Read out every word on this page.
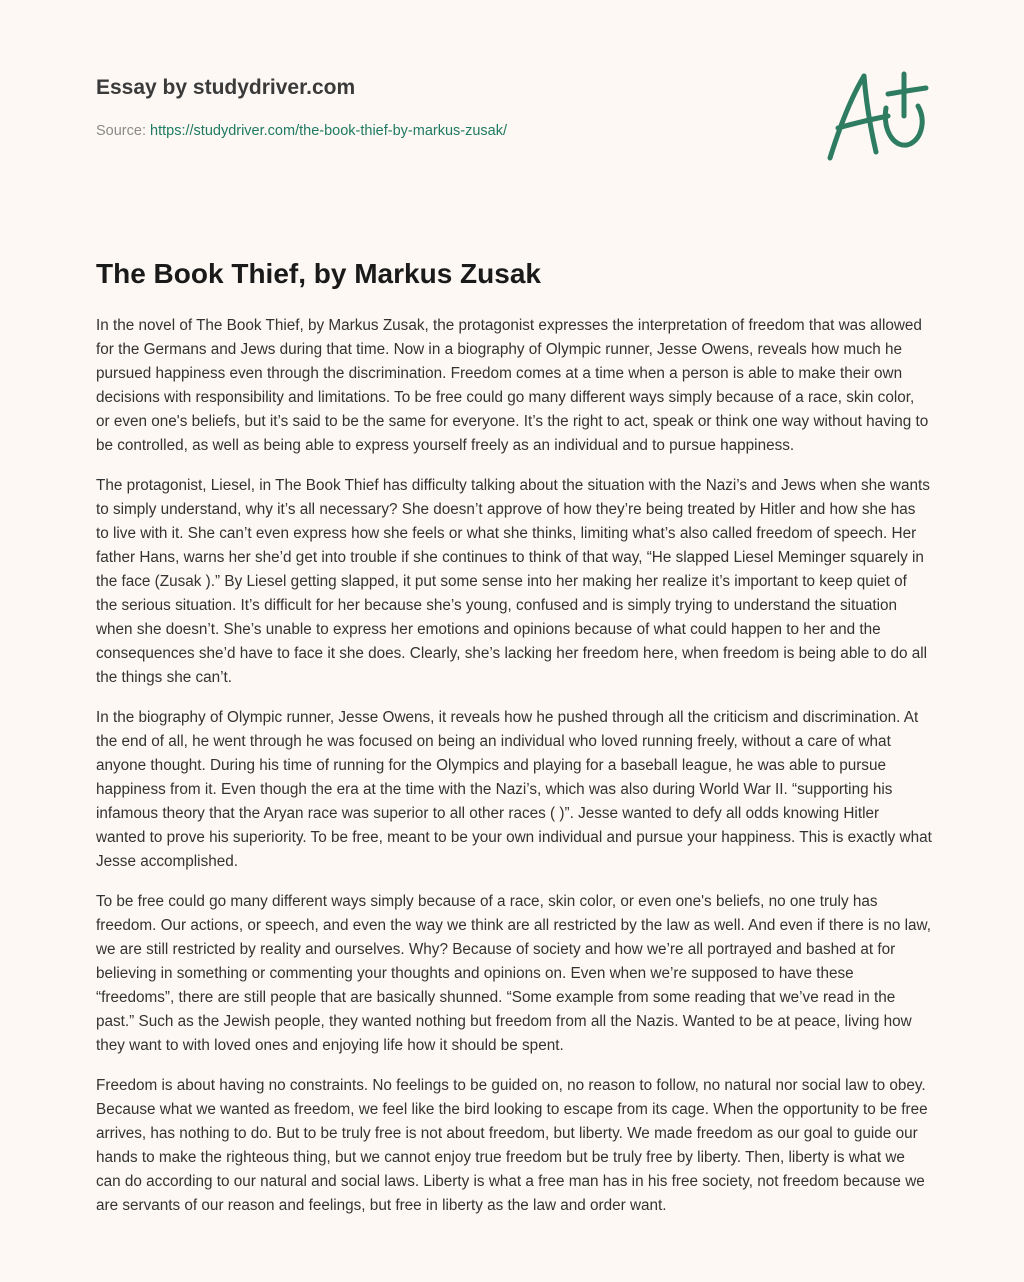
Essay by studydriver.com
Source: https://studydriver.com/the-book-thief-by-markus-zusak/
The Book Thief, by Markus Zusak

In the novel of The Book Thief, by Markus Zusak, the protagonist expresses the interpretation of freedom that was allowed for the Germans and Jews during that time. Now in a biography of Olympic runner, Jesse Owens, reveals how much he pursued happiness even through the discrimination. Freedom comes at a time when a person is able to make their own decisions with responsibility and limitations. To be free could go many different ways simply because of a race, skin color, or even one's beliefs, but it’s said to be the same for everyone. It’s the right to act, speak or think one way without having to be controlled, as well as being able to express yourself freely as an individual and to pursue happiness.

The protagonist, Liesel, in The Book Thief has difficulty talking about the situation with the Nazi’s and Jews when she wants to simply understand, why it’s all necessary? She doesn’t approve of how they’re being treated by Hitler and how she has to live with it. She can’t even express how she feels or what she thinks, limiting what’s also called freedom of speech. Her father Hans, warns her she’d get into trouble if she continues to think of that way, “He slapped Liesel Meminger squarely in the face (Zusak ).” By Liesel getting slapped, it put some sense into her making her realize it’s important to keep quiet of the serious situation. It’s difficult for her because she’s young, confused and is simply trying to understand the situation when she doesn’t. She’s unable to express her emotions and opinions because of what could happen to her and the consequences she’d have to face it she does. Clearly, she’s lacking her freedom here, when freedom is being able to do all the things she can’t.

In the biography of Olympic runner, Jesse Owens, it reveals how he pushed through all the criticism and discrimination. At the end of all, he went through he was focused on being an individual who loved running freely, without a care of what anyone thought. During his time of running for the Olympics and playing for a baseball league, he was able to pursue happiness from it. Even though the era at the time with the Nazi’s, which was also during World War II. “supporting his infamous theory that the Aryan race was superior to all other races ( )”. Jesse wanted to defy all odds knowing Hitler wanted to prove his superiority. To be free, meant to be your own individual and pursue your happiness. This is exactly what Jesse accomplished.

To be free could go many different ways simply because of a race, skin color, or even one's beliefs, no one truly has freedom. Our actions, or speech, and even the way we think are all restricted by the law as well. And even if there is no law, we are still restricted by reality and ourselves. Why? Because of society and how we’re all portrayed and bashed at for believing in something or commenting your thoughts and opinions on. Even when we’re supposed to have these “freedoms”, there are still people that are basically shunned. “Some example from some reading that we’ve read in the past.” Such as the Jewish people, they wanted nothing but freedom from all the Nazis. Wanted to be at peace, living how they want to with loved ones and enjoying life how it should be spent.

Freedom is about having no constraints. No feelings to be guided on, no reason to follow, no natural nor social law to obey. Because what we wanted as freedom, we feel like the bird looking to escape from its cage. When the opportunity to be free arrives, has nothing to do. But to be truly free is not about freedom, but liberty. We made freedom as our goal to guide our hands to make the righteous thing, but we cannot enjoy true freedom but be truly free by liberty. Then, liberty is what we can do according to our natural and social laws. Liberty is what a free man has in his free society, not freedom because we are servants of our reason and feelings, but free in liberty as the law and order want.
